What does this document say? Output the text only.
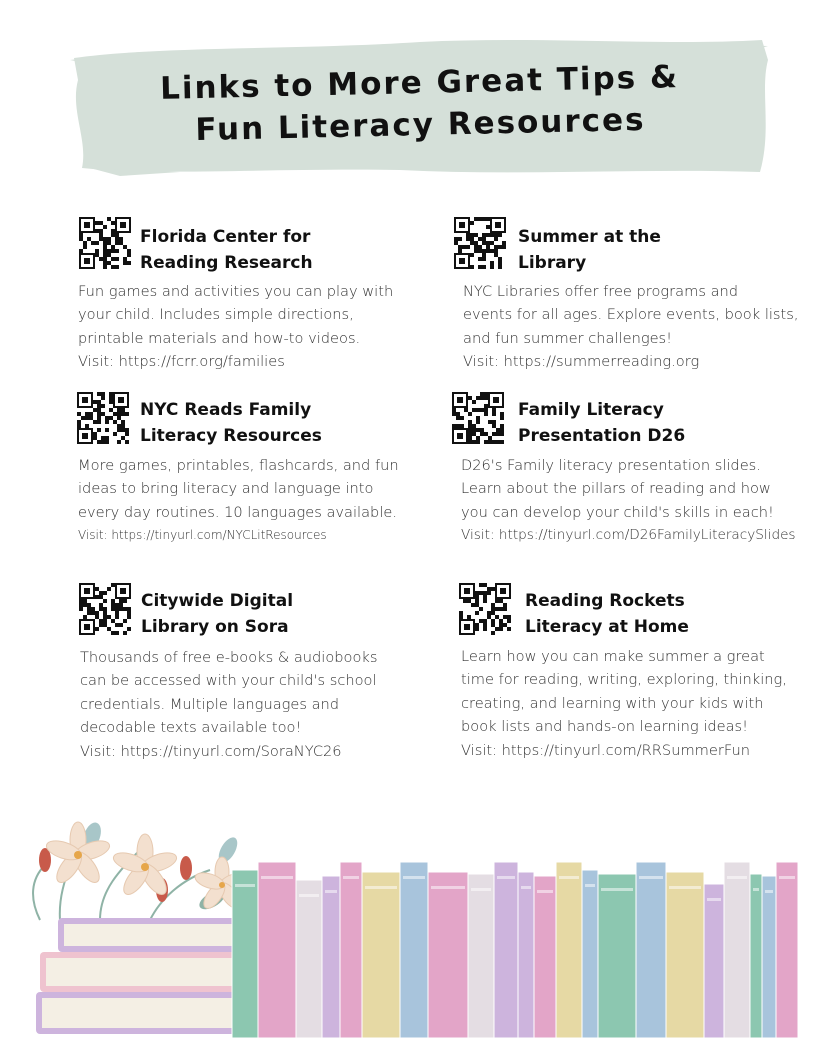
Links to More Great Tips &
Fun Literacy Resources
Florida Center for
Reading Research
Fun games and activities you can play with
your child. Includes simple directions,
printable materials and how-to videos.
Visit: https://fcrr.org/families
Summer at the
Library
NYC Libraries offer free programs and
events for all ages. Explore events, book lists,
and fun summer challenges!
Visit: https://summerreading.org
NYC Reads Family
Literacy Resources
More games, printables, flashcards, and fun
ideas to bring literacy and language into
every day routines. 10 languages available.
Visit: https://tinyurl.com/NYCLitResources
Family Literacy
Presentation D26
D26's Family literacy presentation slides.
Learn about the pillars of reading and how
you can develop your child's skills in each!
Visit: https://tinyurl.com/D26FamilyLiteracySlides
Citywide Digital
Library on Sora
Thousands of free e-books & audiobooks
can be accessed with your child's school
credentials. Multiple languages and
decodable texts available too!
Visit: https://tinyurl.com/SoraNYC26
Reading Rockets
Literacy at Home
Learn how you can make summer a great
time for reading, writing, exploring, thinking,
creating, and learning with your kids with
book lists and hands-on learning ideas!
Visit: https://tinyurl.com/RRSummerFun
